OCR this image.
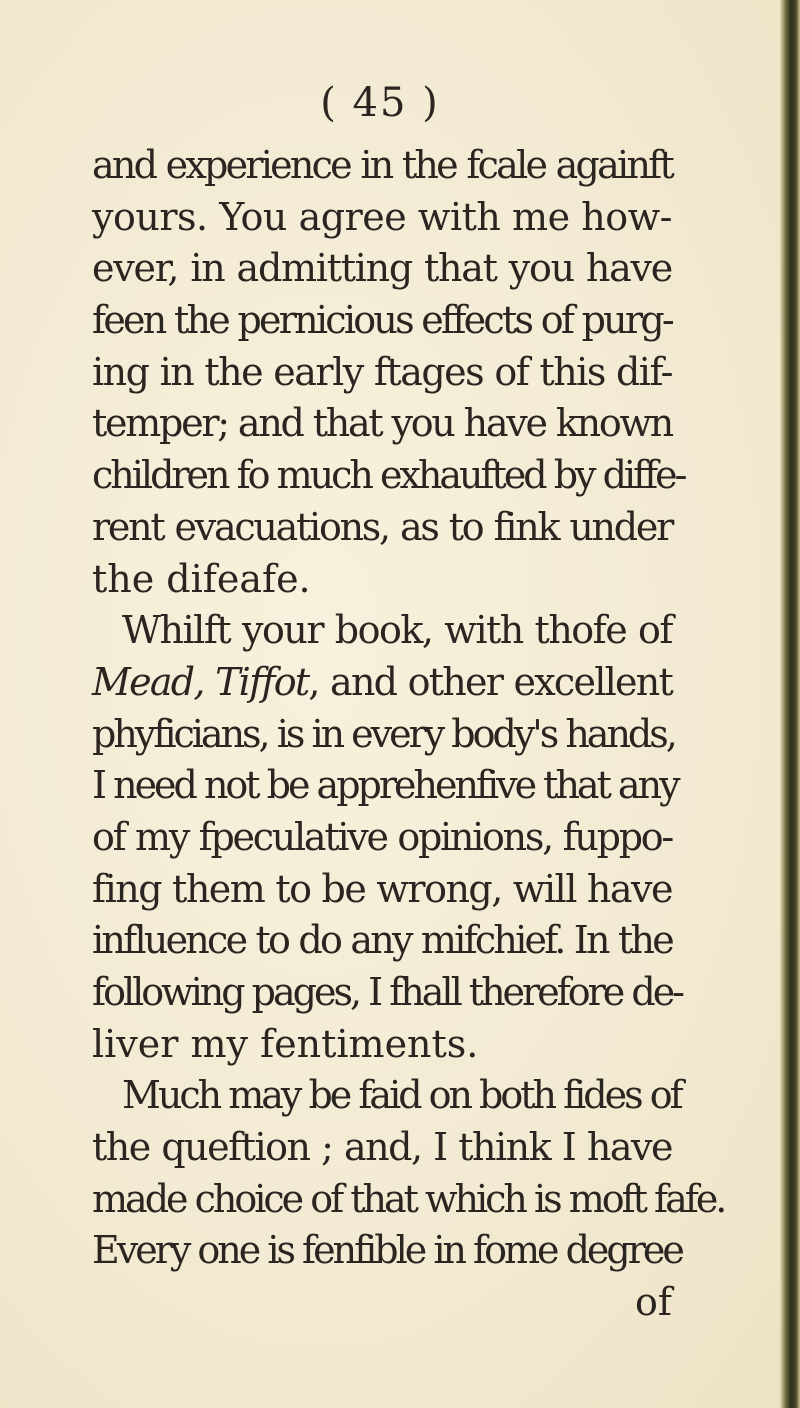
( 45 )
and experience in the fcale againft
yours. You agree with me how-
ever, in admitting that you have
feen the pernicious effects of purg-
ing in the early ftages of this dif-
temper; and that you have known
children fo much exhaufted by diffe-
rent evacuations, as to fink under
the difeafe.
Whilft your book, with thofe of
Mead, Tiffot, and other excellent
phyficians, is in every body's hands,
I need not be apprehenfive that any
of my fpeculative opinions, fuppo-
fing them to be wrong, will have
influence to do any mifchief. In the
following pages, I fhall therefore de-
liver my fentiments.
Much may be faid on both fides of
the queftion ; and, I think I have
made choice of that which is moft fafe.
Every one is fenfible in fome degree
of
